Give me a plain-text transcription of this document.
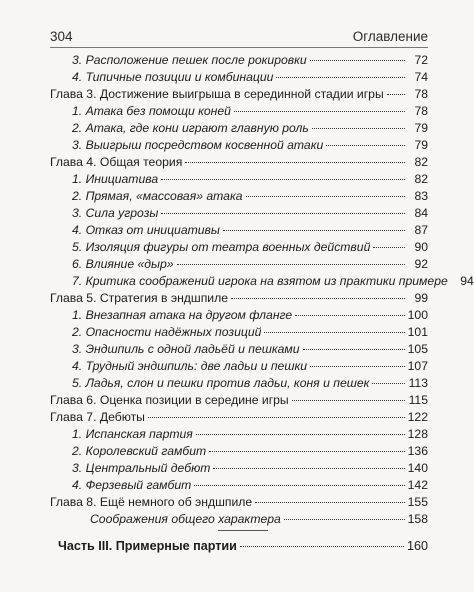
304	Оглавление
3. Расположение пешек после рокировки	72
4. Типичные позиции и комбинации	74
Глава 3. Достижение выигрыша в серединной стадии игры	78
1. Атака без помощи коней	78
2. Атака, где кони играют главную роль	79
3. Выигрыш посредством косвенной атаки	79
Глава 4. Общая теория	82
1. Инициатива	82
2. Прямая, «массовая» атака	83
3. Сила угрозы	84
4. Отказ от инициативы	87
5. Изоляция фигуры от театра военных действий	90
6. Влияние «дыр»	92
7. Критика соображений игрока на взятом из практики примере	94
Глава 5. Стратегия в эндшпиле	99
1. Внезапная атака на другом фланге	100
2. Опасности надёжных позиций	101
3. Эндшпиль с одной ладьёй и пешками	105
4. Трудный эндшпиль: две ладьи и пешки	107
5. Ладья, слон и пешки против ладьи, коня и пешек	113
Глава 6. Оценка позиции в середине игры	115
Глава 7. Дебюты	122
1. Испанская партия	128
2. Королевский гамбит	136
3. Центральный дебют	140
4. Ферзевый гамбит	142
Глава 8. Ещё немного об эндшпиле	155
Соображения общего характера	158
Часть III. Примерные партии	160
